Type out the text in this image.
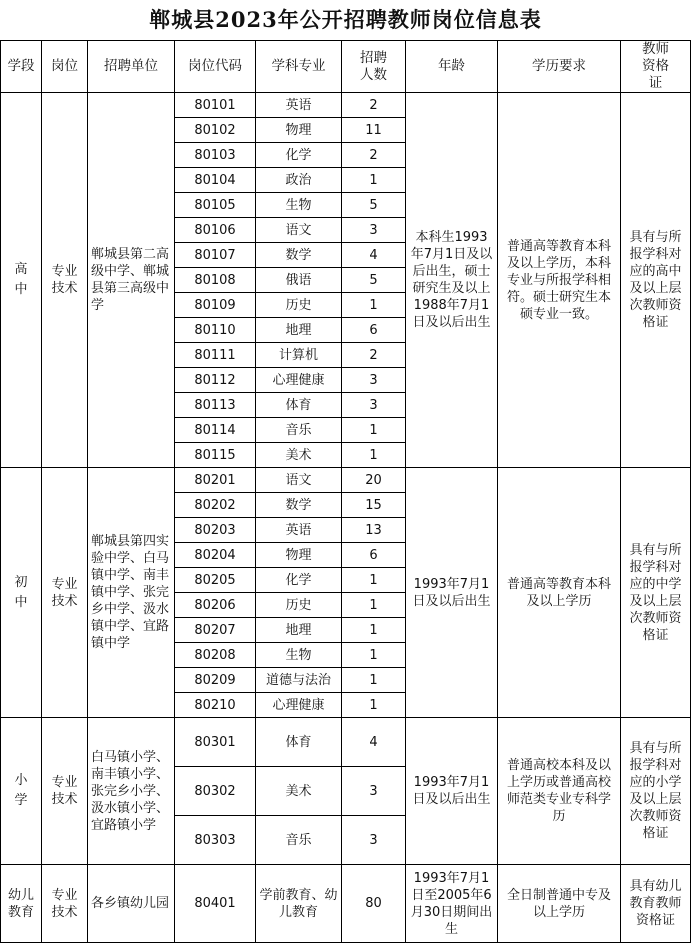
郸城县2023年公开招聘教师岗位信息表
学段	岗位	招聘单位	岗位代码	学科专业	招聘人数	年龄	学历要求	教师资格证
高中	专业技术	郸城县第二高级中学、郸城县第三高级中学	80101	英语	2	本科生1993年7月1日及以后出生，硕士研究生及以上1988年7月1日及以后出生	普通高等教育本科及以上学历，本科专业与所报学科相符。硕士研究生本硕专业一致。	具有与所报学科对应的高中及以上层次教师资格证
			80102	物理	11			
			80103	化学	2			
			80104	政治	1			
			80105	生物	5			
			80106	语文	3			
			80107	数学	4			
			80108	俄语	5			
			80109	历史	1			
			80110	地理	6			
			80111	计算机	2			
			80112	心理健康	3			
			80113	体育	3			
			80114	音乐	1			
			80115	美术	1			
初中	专业技术	郸城县第四实验中学、白马镇中学、南丰镇中学、张完乡中学、汲水镇中学、宜路镇中学	80201	语文	20	1993年7月1日及以后出生	普通高等教育本科及以上学历	具有与所报学科对应的中学及以上层次教师资格证
			80202	数学	15			
			80203	英语	13			
			80204	物理	6			
			80205	化学	1			
			80206	历史	1			
			80207	地理	1			
			80208	生物	1			
			80209	道德与法治	1			
			80210	心理健康	1			
小学	专业技术	白马镇小学、南丰镇小学、张完乡小学、汲水镇小学、宜路镇小学	80301	体育	4	1993年7月1日及以后出生	普通高校本科及以上学历或普通高校师范类专业专科学历	具有与所报学科对应的小学及以上层次教师资格证
			80302	美术	3			
			80303	音乐	3			
幼儿教育	专业技术	各乡镇幼儿园	80401	学前教育、幼儿教育	80	1993年7月1日至2005年6月30日期间出生	全日制普通中专及以上学历	具有幼儿教育教师资格证
